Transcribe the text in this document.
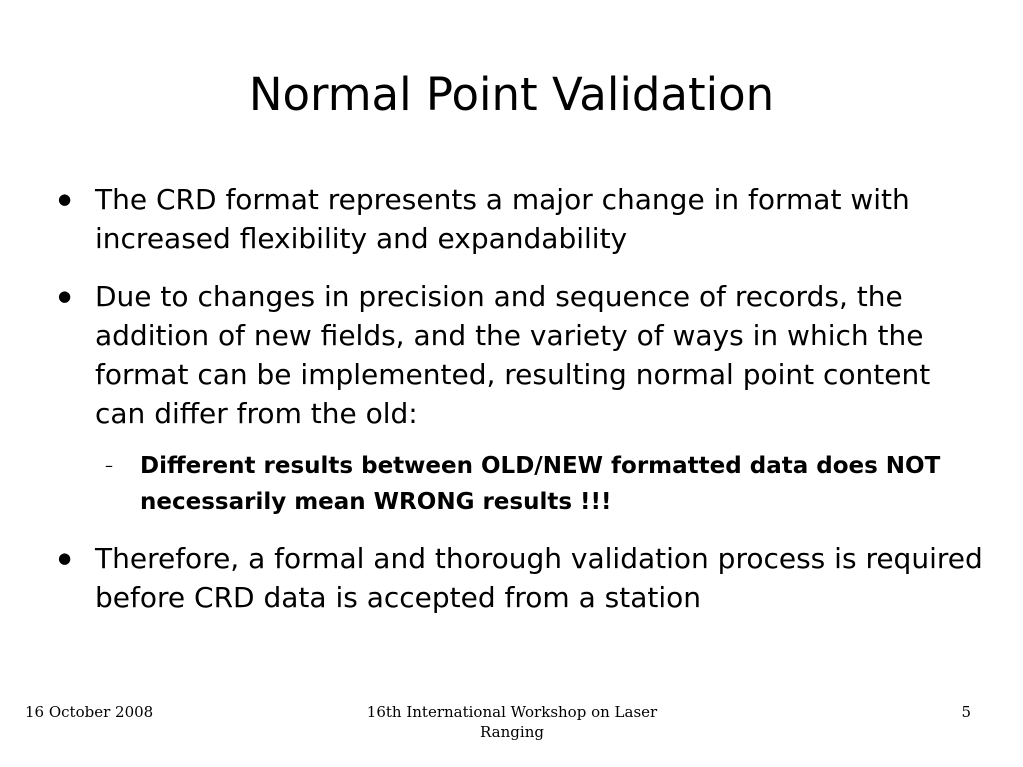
Normal Point Validation
● The CRD format represents a major change in format with increased flexibility and expandability
● Due to changes in precision and sequence of records, the addition of new fields, and the variety of ways in which the format can be implemented, resulting normal point content can differ from the old:
–	Different results between OLD/NEW formatted data does NOT necessarily mean WRONG results !!!
● Therefore, a formal and thorough validation process is required before CRD data is accepted from a station
16 October 2008	16th International Workshop on Laser Ranging
5
